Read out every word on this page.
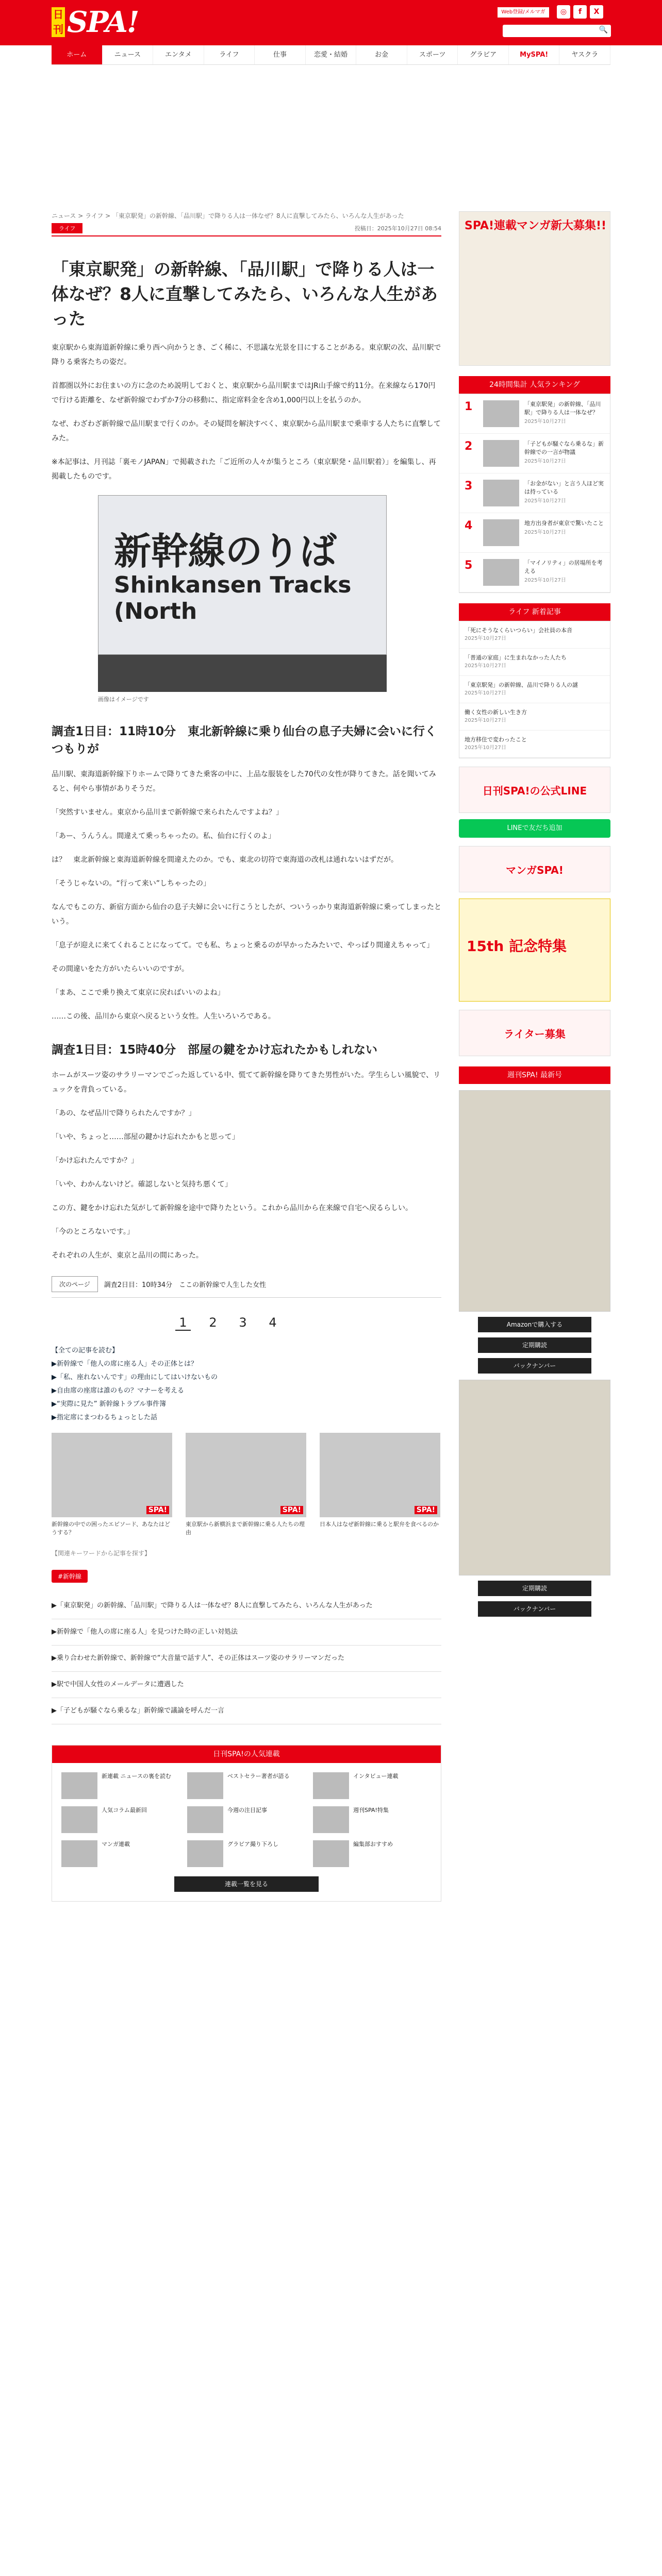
日刊 SPA!	Web登録/メルマガ	◎	f	X
🔍
ホーム	ニュース	エンタメ	ライフ	仕事	恋愛・結婚	お金	スポーツ	グラビア	MySPA!	ヤスクラ
ニュース > ライフ > 「東京駅発」の新幹線、「品川駅」で降りる人は一体なぜ？8人に直撃してみたら、いろんな人生があった
ライフ	投稿日：2025年10月27日 08:54
「東京駅発」の新幹線、「品川駅」で降りる人は一体なぜ？8人に直撃してみたら、いろんな人生があった

東京駅から東海道新幹線に乗り西へ向かうとき、ごく稀に、不思議な光景を目にすることがある。東京駅の次、品川駅で降りる乗客たちの姿だ。

首都圏以外にお住まいの方に念のため説明しておくと、東京駅から品川駅まではJR山手線で約11分。在来線なら170円で行ける距離を、なぜ新幹線でわずか7分の移動に、指定席料金を含め1,000円以上を払うのか。

なぜ、わざわざ新幹線で品川駅まで行くのか。その疑問を解決すべく、東京駅から品川駅まで乗車する人たちに直撃してみた。

※本記事は、月刊誌「裏モノJAPAN」で掲載された「ご近所の人々が集うところ（東京駅発・品川駅着）」を編集し、再掲載したものです。

新幹線のりば
Shinkansen Tracks (North
画像はイメージです
調査1日目：11時10分　東北新幹線に乗り仙台の息子夫婦に会いに行くつもりが

品川駅、東海道新幹線下りホームで降りてきた乗客の中に、上品な服装をした70代の女性が降りてきた。話を聞いてみると、何やら事情がありそうだ。

「突然すいません。東京から品川まで新幹線で来られたんですよね？」

「あー、うんうん。間違えて乗っちゃったの。私、仙台に行くのよ」

は？　東北新幹線と東海道新幹線を間違えたのか。でも、東北の切符で東海道の改札は通れないはずだが。

「そうじゃないの。“行って来い”しちゃったの」

なんでもこの方、新宿方面から仙台の息子夫婦に会いに行こうとしたが、ついうっかり東海道新幹線に乗ってしまったという。

「息子が迎えに来てくれることになってて。でも私、ちょっと乗るのが早かったみたいで、やっぱり間違えちゃって」

その間違いをた方がいたらいいのですが。

「まあ、ここで乗り換えて東京に戻ればいいのよね」

……この後、品川から東京へ戻るという女性。人生いろいろである。

調査1日目：15時40分　部屋の鍵をかけ忘れたかもしれない

ホームがスーツ姿のサラリーマンでごった返している中、慌てて新幹線を降りてきた男性がいた。学生らしい風貌で、リュックを背負っている。

「あの、なぜ品川で降りられたんですか？」

「いや、ちょっと……部屋の鍵かけ忘れたかもと思って」

「かけ忘れたんですか？」

「いや、わかんないけど。確認しないと気持ち悪くて」

この方、鍵をかけ忘れた気がして新幹線を途中で降りたという。これから品川から在来線で自宅へ戻るらしい。

「今のところないです。」

それぞれの人生が、東京と品川の間にあった。

次のページ	調査2日目：10時34分　ここの新幹線で人生した女性
1	2	3	4
【全ての記事を読む】
▶新幹線で「他人の席に座る人」その正体とは？
▶「私、座れないんです」の理由にしてはいけないもの
▶自由席の座席は誰のもの？マナーを考える
▶“実際に見た” 新幹線トラブル事件簿
▶指定席にまつわるちょっとした話
SPA!
新幹線の中での困ったエピソード、あなたはどうする？
SPA!
東京駅から新横浜まで新幹線に乗る人たちの理由
SPA!
日本人はなぜ新幹線に乗ると駅弁を食べるのか
【関連キーワードから記事を探す】
#新幹線
▶「東京駅発」の新幹線、「品川駅」で降りる人は一体なぜ？8人に直撃してみたら、いろんな人生があった
▶新幹線で「他人の席に座る人」を見つけた時の正しい対処法
▶乗り合わせた新幹線で、新幹線で“大音量で話す人”、その正体はスーツ姿のサラリーマンだった
▶駅で中国人女性のメールデータに遭遇した
▶「子どもが騒ぐなら乗るな」新幹線で議論を呼んだ一言
日刊SPA!の人気連載
新連載 ニュースの裏を読む	ベストセラー著者が語る	インタビュー連載
人気コラム最新回	今週の注目記事	週刊SPA!特集
マンガ連載	グラビア撮り下ろし	編集部おすすめ
連載一覧を見る
SPA!連載マンガ新大募集!!
24時間集計 人気ランキング
1	「東京駅発」の新幹線、「品川駅」で降りる人は一体なぜ？
2025年10月27日
2	「子どもが騒ぐなら乗るな」新幹線での一言が物議
2025年10月27日
3	「お金がない」と言う人ほど実は持っている
2025年10月27日
4	地方出身者が東京で驚いたこと
2025年10月27日
5	「マイノリティ」の居場所を考える
2025年10月27日
ライフ 新着記事
「死にそうなくらいつらい」会社員の本音
2025年10月27日
「普通の家庭」に生まれなかった人たち
2025年10月27日
「東京駅発」の新幹線、品川で降りる人の謎
2025年10月27日
働く女性の新しい生き方
2025年10月27日
地方移住で変わったこと
2025年10月27日
日刊SPA!の公式LINE
LINEで友だち追加
マンガSPA!
15th 記念特集
ライター募集
週刊SPA! 最新号
Amazonで購入する
定期購読
バックナンバー
定期購読
バックナンバー
